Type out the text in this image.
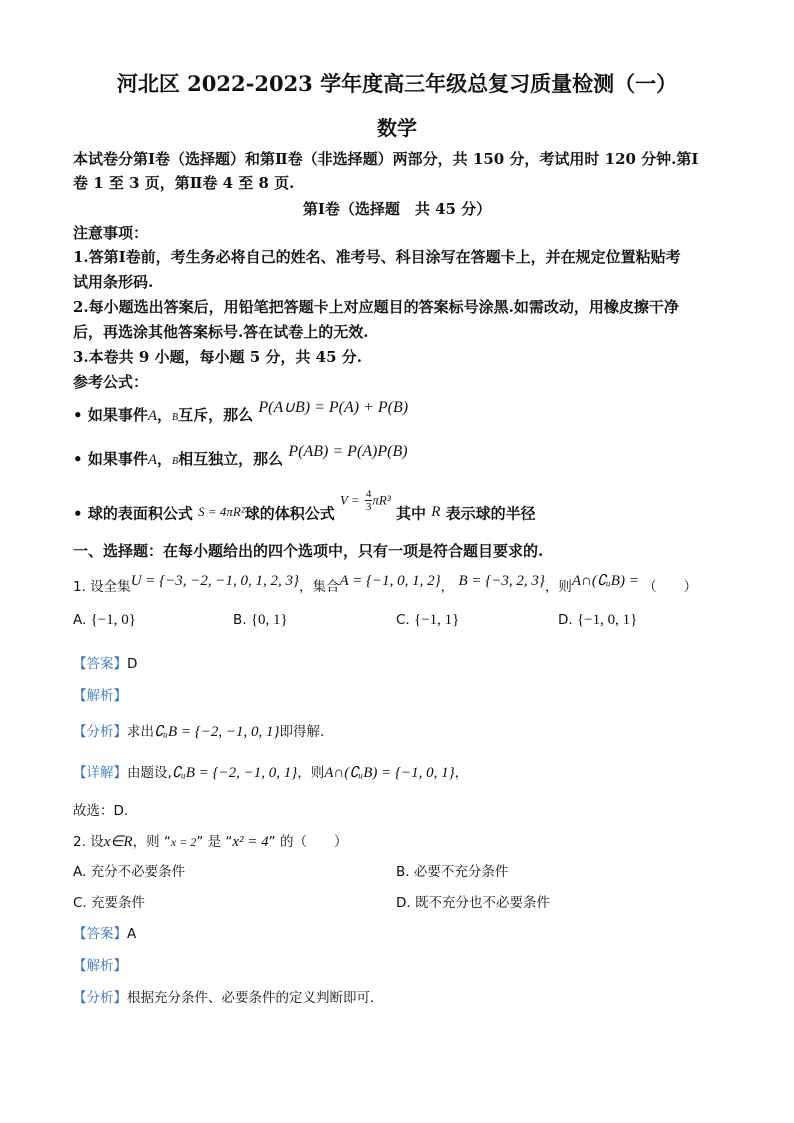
河北区 2022-2023 学年度高三年级总复习质量检测（一）
数学
本试卷分第Ⅰ卷（选择题）和第Ⅱ卷（非选择题）两部分，共 150 分，考试用时 120 分钟.第Ⅰ
卷 1 至 3 页，第Ⅱ卷 4 至 8 页.
第Ⅰ卷（选择题　共 45 分）
注意事项：
1.答第Ⅰ卷前，考生务必将自己的姓名、准考号、科目涂写在答题卡上，并在规定位置粘贴考
试用条形码.
2.每小题选出答案后，用铅笔把答题卡上对应题目的答案标号涂黑.如需改动，用橡皮擦干净
后，再选涂其他答案标号.答在试卷上的无效.
3.本卷共 9 小题，每小题 5 分，共 45 分.
参考公式：
• 如果事件A，B互斥，那么 P(A∪B) = P(A) + P(B)
• 如果事件A，B相互独立，那么 P(AB) = P(A)P(B)
• 球的表面积公式 S = 4πR²球的体积公式 $V = \frac{4}{3} \pi R^3$ 其中 R 表示球的半径
一、选择题：在每小题给出的四个选项中，只有一项是符合题目要求的.
1. 设全集U = {−3, −2, −1, 0, 1, 2, 3}，集合A = {−1, 0, 1, 2}， B = {−3, 2, 3}，则A∩(∁ᵤB) = （　　）
A. {−1, 0}	B. {0, 1}	C. {−1, 1}	D. {−1, 0, 1}
【答案】D
【解析】
【分析】求出∁ᵤB = {−2, −1, 0, 1}即得解.
【详解】由题设,∁ᵤB = {−2, −1, 0, 1}，则A∩(∁ᵤB) = {−1, 0, 1}，
故选：D.
2. 设x∈R，则 “x = 2” 是 “x² = 4” 的（　　）
A. 充分不必要条件	B. 必要不充分条件
C. 充要条件	D. 既不充分也不必要条件
【答案】A
【解析】
【分析】根据充分条件、必要条件的定义判断即可.
